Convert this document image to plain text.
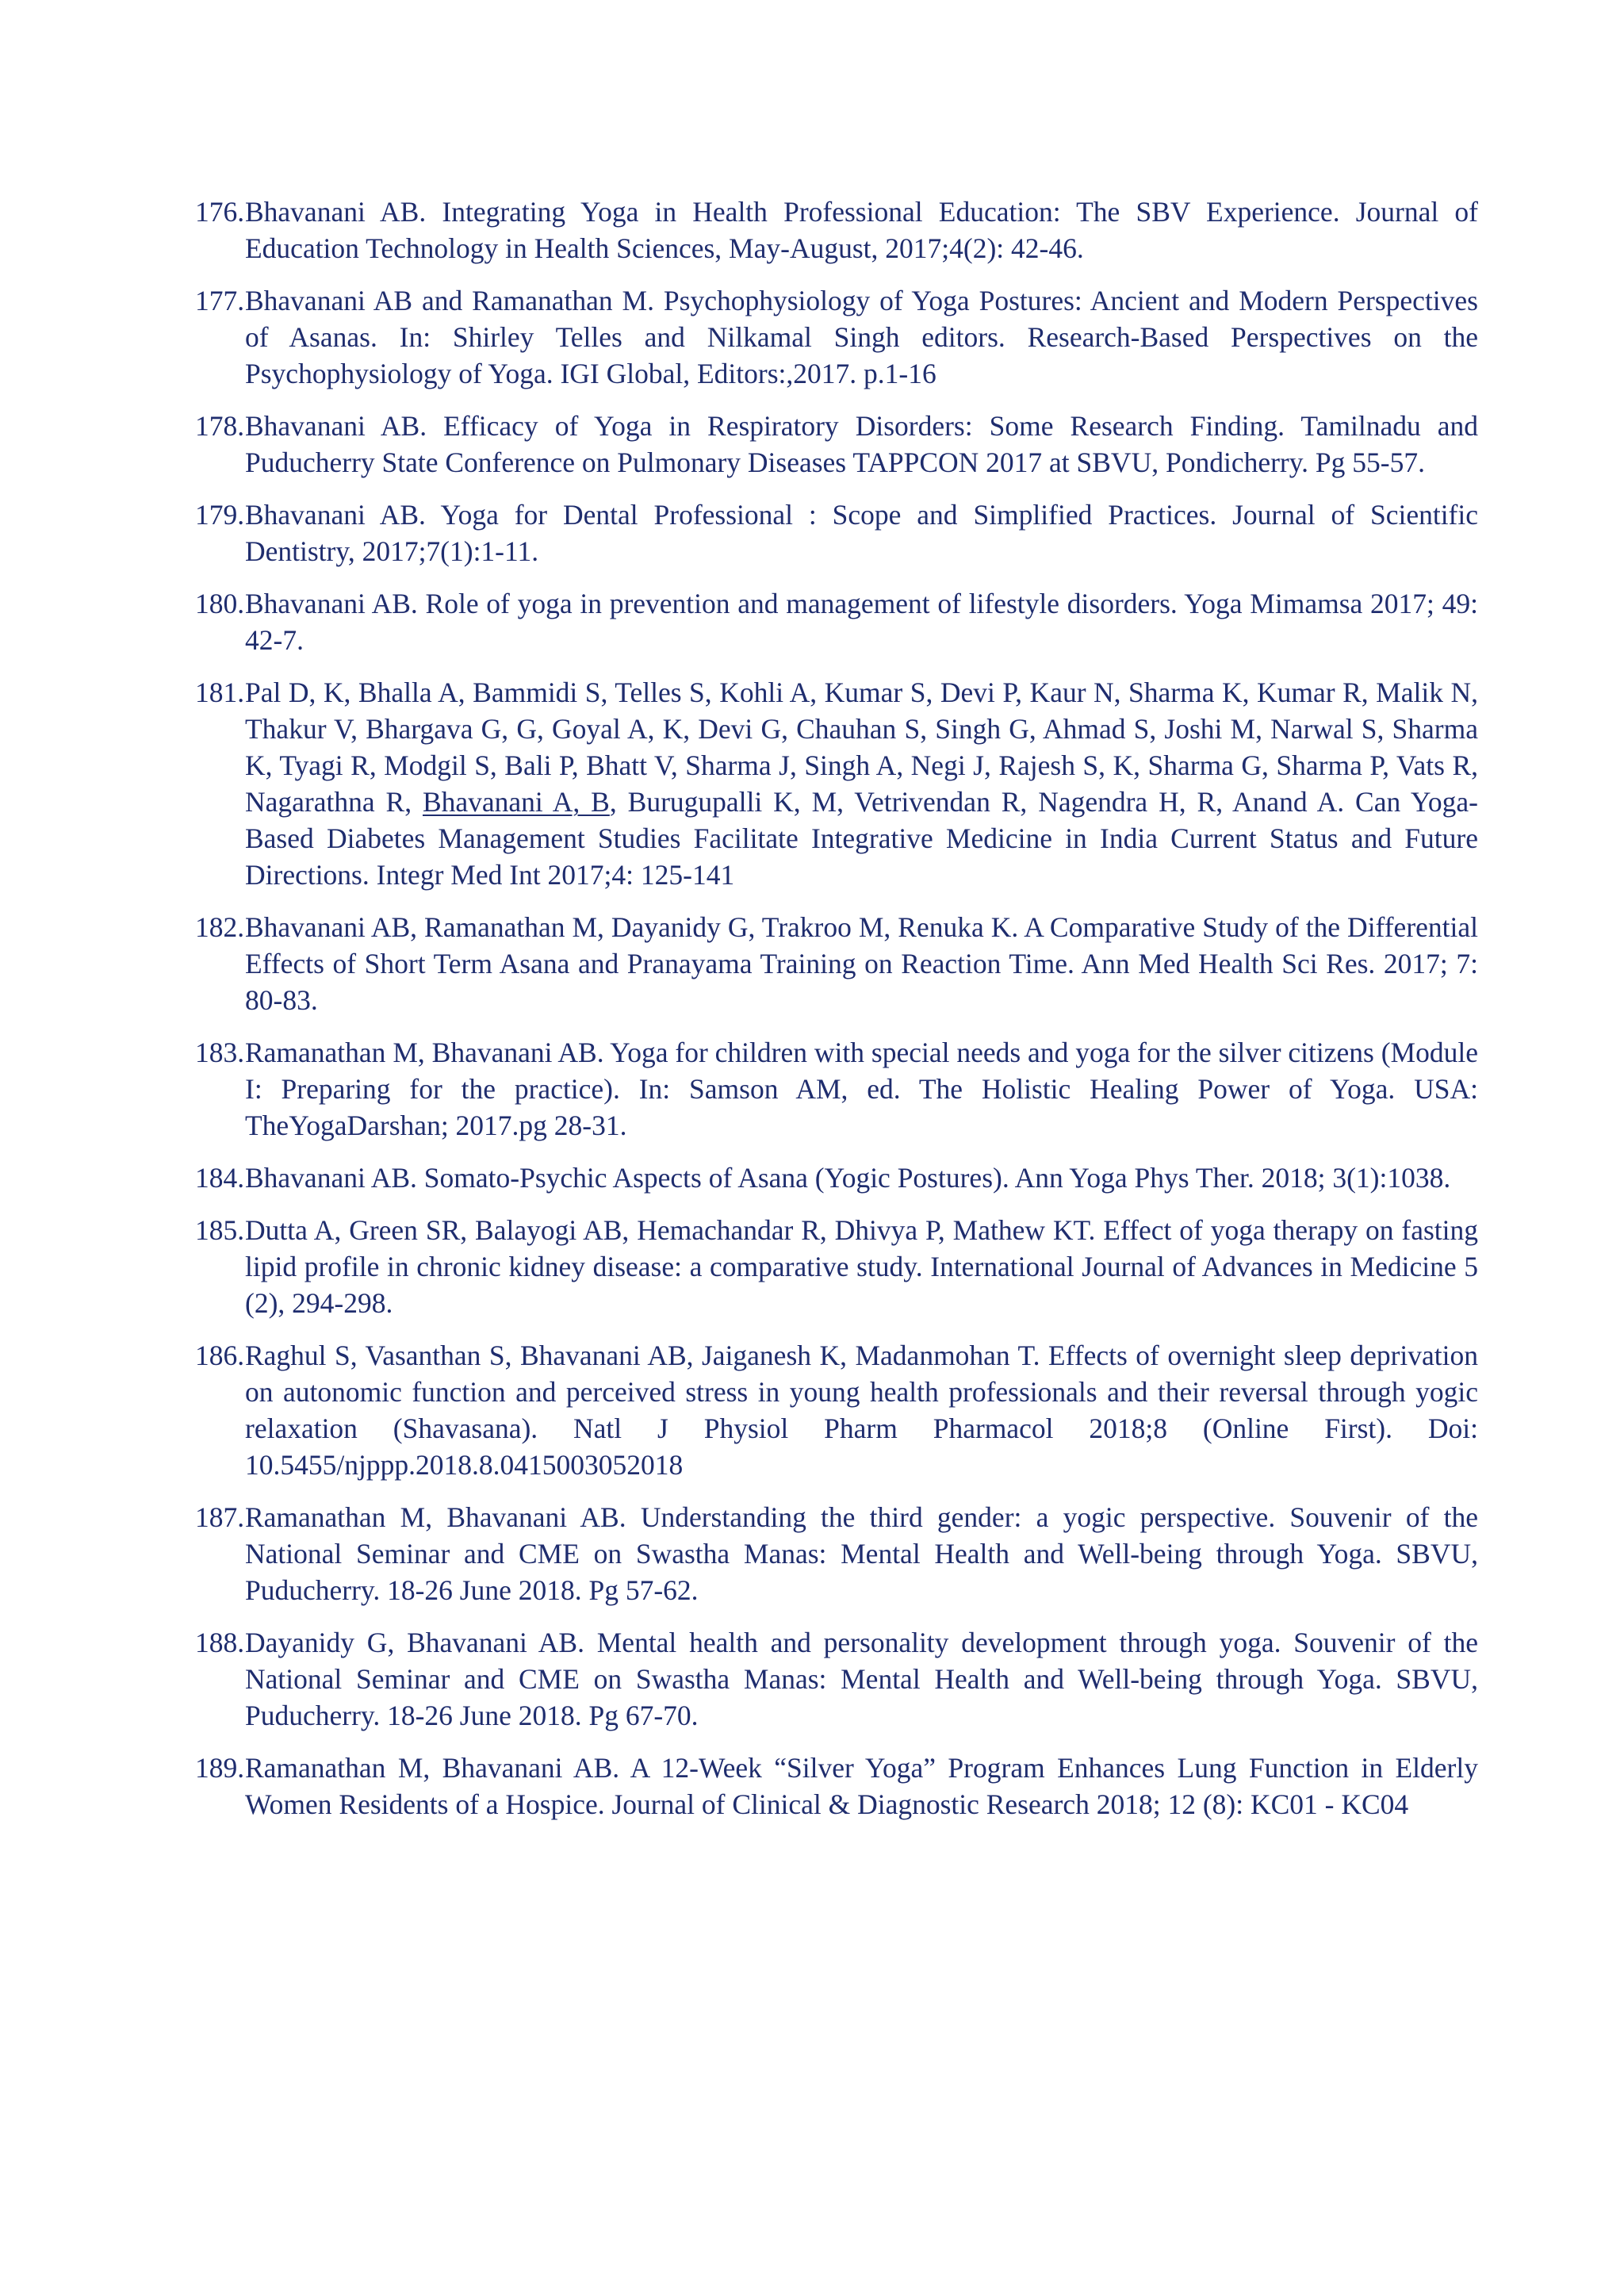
176. Bhavanani AB. Integrating Yoga in Health Professional Education: The SBV Experience. Journal of Education Technology in Health Sciences, May-August, 2017;4(2): 42-46.
177. Bhavanani AB and Ramanathan M. Psychophysiology of Yoga Postures: Ancient and Modern Perspectives of Asanas. In: Shirley Telles and Nilkamal Singh editors. Research-Based Perspectives on the Psychophysiology of Yoga. IGI Global, Editors:,2017. p.1-16
178. Bhavanani AB. Efficacy of Yoga in Respiratory Disorders: Some Research Finding. Tamilnadu and Puducherry State Conference on Pulmonary Diseases TAPPCON 2017 at SBVU, Pondicherry. Pg 55-57.
179. Bhavanani AB. Yoga for Dental Professional : Scope and Simplified Practices. Journal of Scientific Dentistry, 2017;7(1):1-11.
180. Bhavanani AB. Role of yoga in prevention and management of lifestyle disorders. Yoga Mimamsa 2017; 49: 42-7.
181. Pal D, K, Bhalla A, Bammidi S, Telles S, Kohli A, Kumar S, Devi P, Kaur N, Sharma K, Kumar R, Malik N, Thakur V, Bhargava G, G, Goyal A, K, Devi G, Chauhan S, Singh G, Ahmad S, Joshi M, Narwal S, Sharma K, Tyagi R, Modgil S, Bali P, Bhatt V, Sharma J, Singh A, Negi J, Rajesh S, K, Sharma G, Sharma P, Vats R, Nagarathna R, Bhavanani A, B, Burugupalli K, M, Vetrivendan R, Nagendra H, R, Anand A. Can Yoga-Based Diabetes Management Studies Facilitate Integrative Medicine in India Current Status and Future Directions. Integr Med Int 2017;4: 125-141
182. Bhavanani AB, Ramanathan M, Dayanidy G, Trakroo M, Renuka K. A Comparative Study of the Differential Effects of Short Term Asana and Pranayama Training on Reaction Time. Ann Med Health Sci Res. 2017; 7: 80-83.
183. Ramanathan M, Bhavanani AB. Yoga for children with special needs and yoga for the silver citizens (Module I: Preparing for the practice). In: Samson AM, ed. The Holistic Healing Power of Yoga. USA: TheYogaDarshan; 2017.pg 28-31.
184. Bhavanani AB. Somato-Psychic Aspects of Asana (Yogic Postures). Ann Yoga Phys Ther. 2018; 3(1):1038.
185. Dutta A, Green SR, Balayogi AB, Hemachandar R, Dhivya P, Mathew KT. Effect of yoga therapy on fasting lipid profile in chronic kidney disease: a comparative study. International Journal of Advances in Medicine 5 (2), 294-298.
186. Raghul S, Vasanthan S, Bhavanani AB, Jaiganesh K, Madanmohan T. Effects of overnight sleep deprivation on autonomic function and perceived stress in young health professionals and their reversal through yogic relaxation (Shavasana). Natl J Physiol Pharm Pharmacol 2018;8 (Online First). Doi: 10.5455/njppp.2018.8.0415003052018
187. Ramanathan M, Bhavanani AB. Understanding the third gender: a yogic perspective. Souvenir of the National Seminar and CME on Swastha Manas: Mental Health and Well-being through Yoga. SBVU, Puducherry. 18-26 June 2018. Pg 57-62.
188. Dayanidy G, Bhavanani AB. Mental health and personality development through yoga. Souvenir of the National Seminar and CME on Swastha Manas: Mental Health and Well-being through Yoga. SBVU, Puducherry. 18-26 June 2018. Pg 67-70.
189. Ramanathan M, Bhavanani AB. A 12-Week “Silver Yoga” Program Enhances Lung Function in Elderly Women Residents of a Hospice. Journal of Clinical & Diagnostic Research 2018; 12 (8): KC01 - KC04
